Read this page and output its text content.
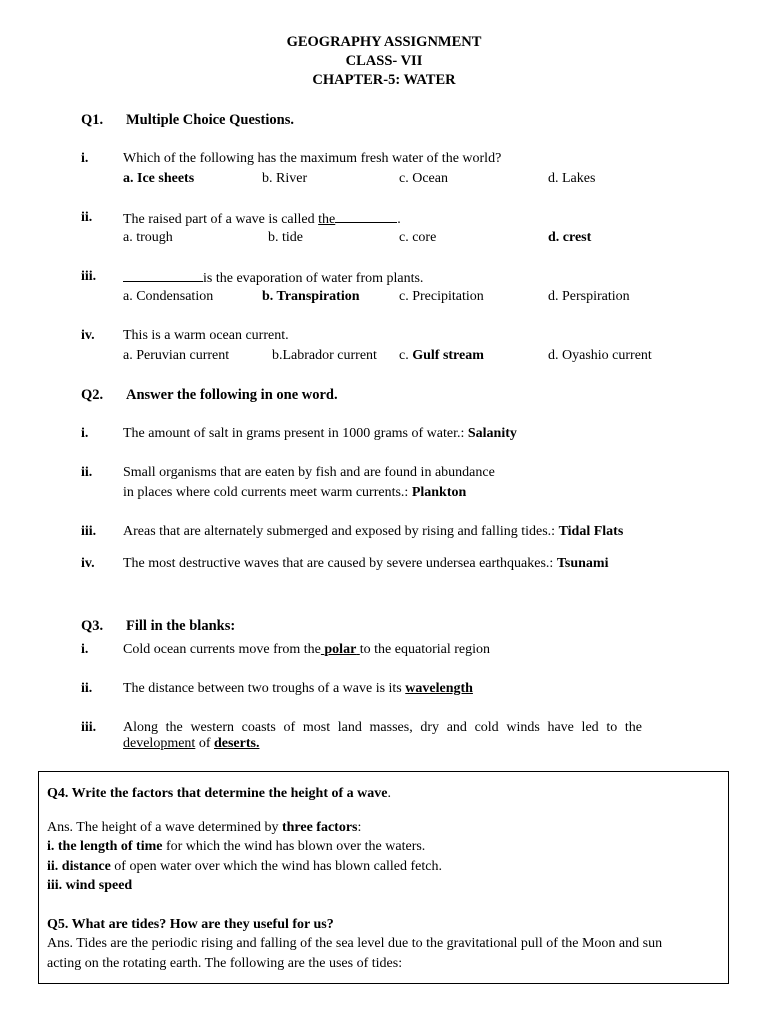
GEOGRAPHY ASSIGNMENT
CLASS- VII
CHAPTER-5: WATER
Q1. Multiple Choice Questions.
i. Which of the following has the maximum fresh water of the world?
a. Ice sheets	b. River	c. Ocean	d. Lakes
ii. The raised part of a wave is called the	.
a. trough	b. tide	c. core	d. crest
iii.	is the evaporation of water from plants.
a. Condensation	b. Transpiration	c. Precipitation	d. Perspiration
iv. This is a warm ocean current.
a. Peruvian current	b.Labrador current c. Gulf stream	d. Oyashio current
Q2. Answer the following in one word.
i. The amount of salt in grams present in 1000 grams of water.: Salanity
ii. Small organisms that are eaten by fish and are found in abundance
in places where cold currents meet warm currents.: Plankton
iii. Areas that are alternately submerged and exposed by rising and falling tides.: Tidal Flats
iv. The most destructive waves that are caused by severe undersea earthquakes.: Tsunami
Q3. Fill in the blanks:
i. Cold ocean currents move from the polar to the equatorial region
ii. The distance between two troughs of a wave is its wavelength
iii. Along the western coasts of most land masses, dry and cold winds have led to the
development of deserts.
Q4. Write the factors that determine the height of a wave.
Ans. The height of a wave determined by three factors:
i. the length of time for which the wind has blown over the waters.
ii. distance of open water over which the wind has blown called fetch.
iii. wind speed
Q5. What are tides? How are they useful for us?
Ans. Tides are the periodic rising and falling of the sea level due to the gravitational pull of the Moon and sun
acting on the rotating earth. The following are the uses of tides:
